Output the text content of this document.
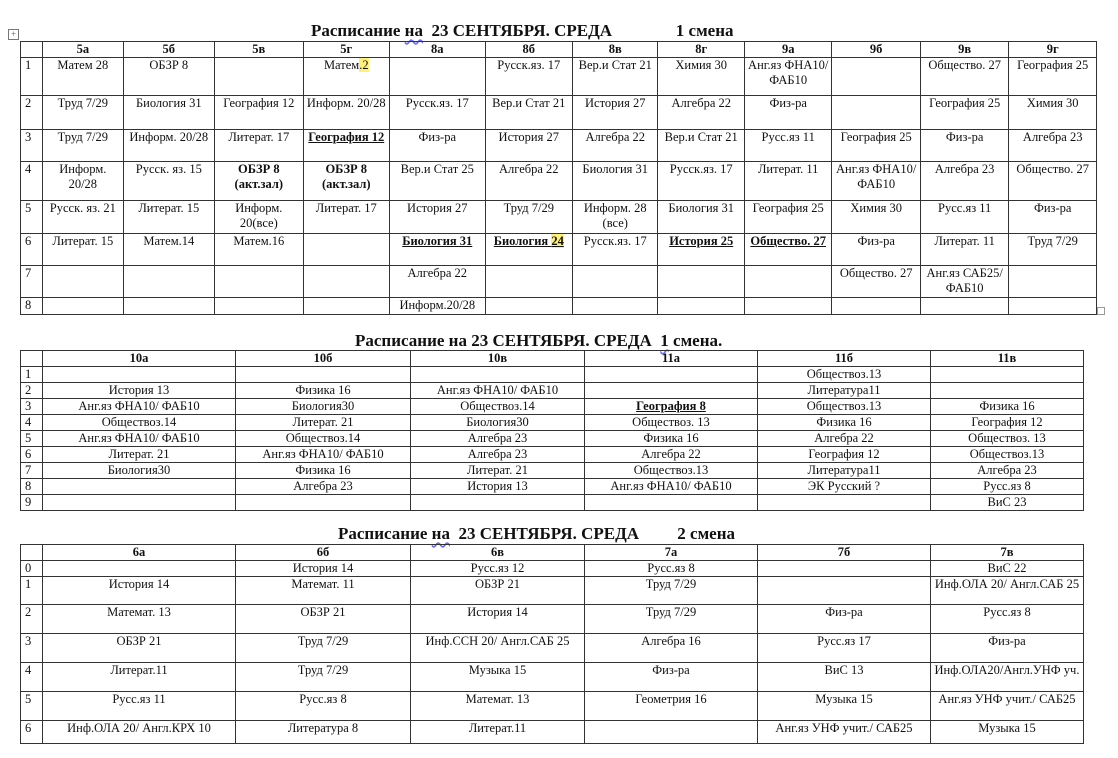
+	Расписание на  23 СЕНТЯБРЯ. СРЕДА               1 смена
	5а	5б	5в	5г	8а	8б	8в	8г	9а	9б	9в	9г
1	Матем 28	ОБЗР 8		Матем.2		Русск.яз. 17	Вер.и Стат 21	Химия 30	Анг.яз ФНА10/ ФАБ10		Общество. 27	География 25
2	Труд 7/29	Биология 31	География 12	Информ. 20/28	Русск.яз. 17	Вер.и Стат 21	История 27	Алгебра 22	Физ-ра		География 25	Химия 30
3	Труд 7/29	Информ. 20/28	Литерат. 17	География 12	Физ-ра	История 27	Алгебра 22	Вер.и Стат 21	Русс.яз 11	География 25	Физ-ра	Алгебра 23
4	Информ. 20/28	Русск. яз. 15	ОБЗР 8 (акт.зал)	ОБЗР 8 (акт.зал)	Вер.и Стат 25	Алгебра 22	Биология 31	Русск.яз. 17	Литерат. 11	Анг.яз ФНА10/ ФАБ10	Алгебра 23	Общество. 27
5	Русск. яз. 21	Литерат. 15	Информ. 20(все)	Литерат. 17	История 27	Труд 7/29	Информ. 28 (все)	Биология 31	География 25	Химия 30	Русс.яз 11	Физ-ра
6	Литерат. 15	Матем.14	Матем.16		Биология 31	Биология 24	Русск.яз. 17	История 25	Общество. 27	Физ-ра	Литерат. 11	Труд 7/29
7					Алгебра 22					Общество. 27	Анг.яз САБ25/ ФАБ10	
8					Информ.20/28							
Расписание на 23 СЕНТЯБРЯ. СРЕДА  1 смена.
	10а	10б	10в	11а	11б	11в
1					Обществоз.13	
2	История 13	Физика 16	Анг.яз ФНА10/ ФАБ10		Литература11	
3	Анг.яз ФНА10/ ФАБ10	Биология30	Обществоз.14	География 8	Обществоз.13	Физика 16
4	Обществоз.14	Литерат. 21	Биология30	Обществоз. 13	Физика 16	География 12
5	Анг.яз ФНА10/ ФАБ10	Обществоз.14	Алгебра 23	Физика 16	Алгебра 22	Обществоз. 13
6	Литерат. 21	Анг.яз ФНА10/ ФАБ10	Алгебра 23	Алгебра 22	География 12	Обществоз.13
7	Биология30	Физика 16	Литерат. 21	Обществоз.13	Литература11	Алгебра 23
8		Алгебра 23	История 13	Анг.яз ФНА10/ ФАБ10	ЭК Русский ?	Русс.яз 8
9						ВиС 23
Расписание на  23 СЕНТЯБРЯ. СРЕДА         2 смена
	6а	6б	6в	7а	7б	7в
0		История 14	Русс.яз 12	Русс.яз 8		ВиС 22
1	История 14	Математ. 11	ОБЗР 21	Труд 7/29		Инф.ОЛА 20/ Англ.САБ 25
2	Математ. 13	ОБЗР 21	История 14	Труд 7/29	Физ-ра	Русс.яз 8
3	ОБЗР 21	Труд 7/29	Инф.ССН 20/ Англ.САБ 25	Алгебра 16	Русс.яз 17	Физ-ра
4	Литерат.11	Труд 7/29	Музыка 15	Физ-ра	ВиС 13	Инф.ОЛА20/Англ.УНФ уч.
5	Русс.яз 11	Русс.яз 8	Математ. 13	Геометрия 16	Музыка 15	Анг.яз УНФ учит./ САБ25
6	Инф.ОЛА 20/ Англ.КРХ 10	Литература 8	Литерат.11		Анг.яз УНФ учит./ САБ25	Музыка 15
